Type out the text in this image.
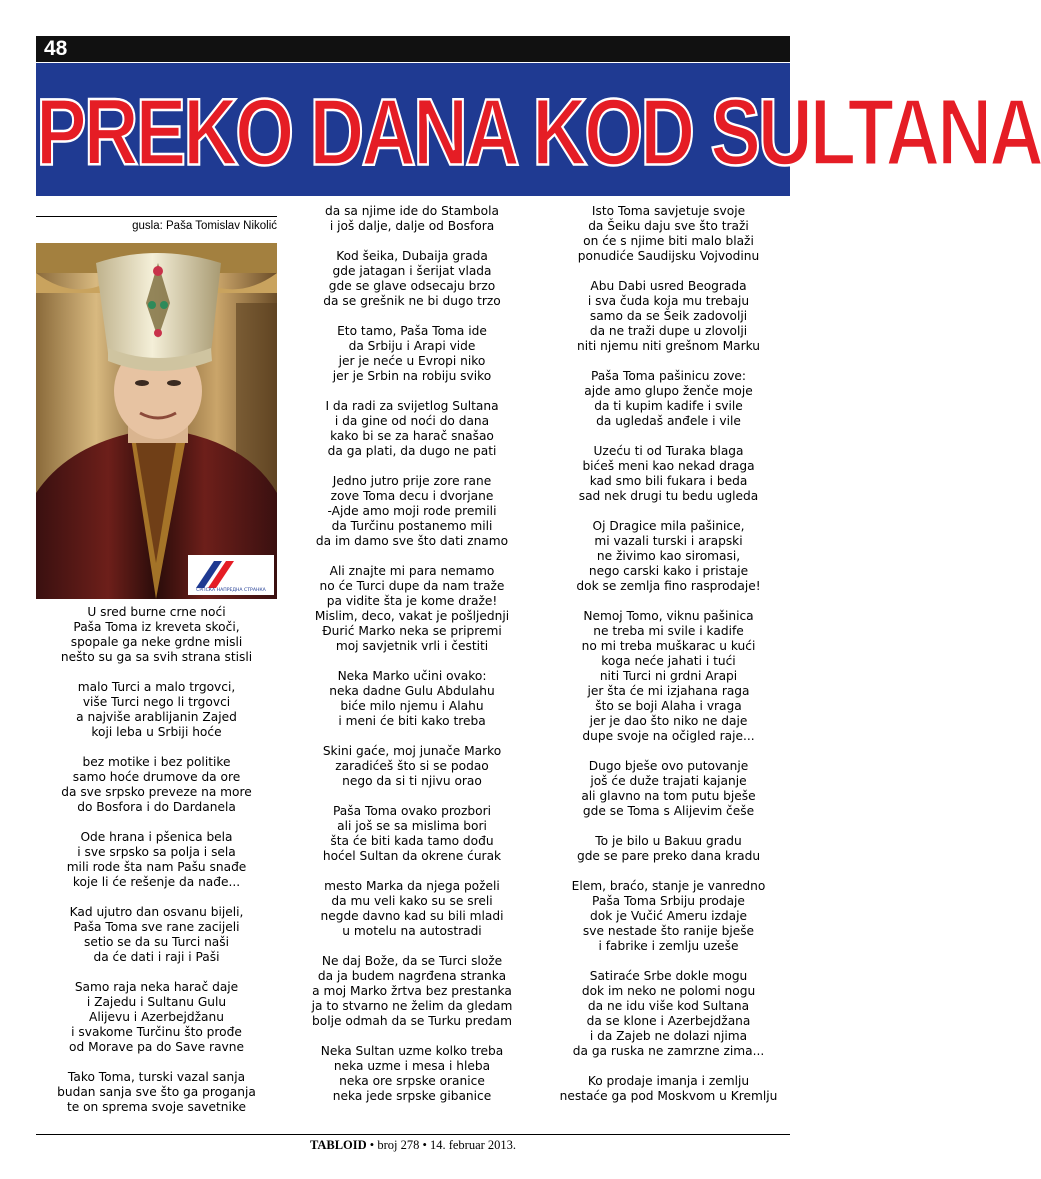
48
PREKO DANA KOD SULTANA
gusla: Paša Tomislav Nikolić
СРПСКА НАПРЕДНА СТРАНКА

U sred burne crne noći
Paša Toma iz kreveta skoči,
spopale ga neke grdne misli
nešto su ga sa svih strana stisli

malo Turci a malo trgovci,
više Turci nego li trgovci
a najviše arablijanin Zajed
koji leba u Srbiji hoće

bez motike i bez politike
samo hoće drumove da ore
da sve srpsko preveze na more
do Bosfora i do Dardanela

Ode hrana i pšenica bela
i sve srpsko sa polja i sela
mili rode šta nam Pašu snađe
koje li će rešenje da nađe...

Kad ujutro dan osvanu bijeli,
Paša Toma sve rane zacijeli
setio se da su Turci naši
da će dati i raji i Paši

Samo raja neka harač daje
i Zajedu i Sultanu Gulu
Alijevu i Azerbejdžanu
i svakome Turčinu što prođe
od Morave pa do Save ravne

Tako Toma, turski vazal sanja
budan sanja sve što ga proganja
te on sprema svoje savetnike

da sa njime ide do Stambola
i još dalje, dalje od Bosfora

Kod šeika, Dubaija grada
gde jatagan i šerijat vlada
gde se glave odsecaju brzo
da se grešnik ne bi dugo trzo

Eto tamo, Paša Toma ide
da Srbiju i Arapi vide
jer je neće u Evropi niko
jer je Srbin na robiju sviko

I da radi za svijetlog Sultana
i da gine od noći do dana
kako bi se za harač snašao
da ga plati, da dugo ne pati

Jedno jutro prije zore rane
zove Toma decu i dvorjane
-Ajde amo moji rode premili
da Turčinu postanemo mili
da im damo sve što dati znamo

Ali znajte mi para nemamo
no će Turci dupe da nam traže
pa vidite šta je kome draže!
Mislim, deco, vakat je pošljednji
Đurić Marko neka se pripremi
moj savjetnik vrli i čestiti

Neka Marko učini ovako:
neka dadne Gulu Abdulahu
biće milo njemu i Alahu
i meni će biti kako treba

Skini gaće, moj junače Marko
zaradićeš što si se podao
nego da si ti njivu orao

Paša Toma ovako prozbori
ali još se sa mislima bori
šta će biti kada tamo dođu
hoćel Sultan da okrene ćurak

mesto Marka da njega poželi
da mu veli kako su se sreli
negde davno kad su bili mladi
u motelu na autostradi

Ne daj Bože, da se Turci slože
da ja budem nagrđena stranka
a moj Marko žrtva bez prestanka
ja to stvarno ne želim da gledam
bolje odmah da se Turku predam

Neka Sultan uzme kolko treba
neka uzme i mesa i hleba
neka ore srpske oranice
neka jede srpske gibanice

Isto Toma savjetuje svoje
da Šeiku daju sve što traži
on će s njime biti malo blaži
ponudiće Saudijsku Vojvodinu

Abu Dabi usred Beograda
i sva čuda koja mu trebaju
samo da se Šeik zadovolji
da ne traži dupe u zlovolji
niti njemu niti grešnom Marku

Paša Toma pašinicu zove:
ajde amo glupo ženče moje
da ti kupim kadife i svile
da ugledaš anđele i vile

Uzeću ti od Turaka blaga
bićeš meni kao nekad draga
kad smo bili fukara i beda
sad nek drugi tu bedu ugleda

Oj Dragice mila pašinice,
mi vazali turski i arapski
ne živimo kao siromasi,
nego carski kako i pristaje
dok se zemlja fino rasprodaje!

Nemoj Tomo, viknu pašinica
ne treba mi svile i kadife
no mi treba muškarac u kući
koga neće jahati i tući
niti Turci ni grdni Arapi
jer šta će mi izjahana raga
što se boji Alaha i vraga
jer je dao što niko ne daje
dupe svoje na očigled raje...

Dugo bješe ovo putovanje
još će duže trajati kajanje
ali glavno na tom putu bješe
gde se Toma s Alijevim češe

To je bilo u Bakuu gradu
gde se pare preko dana kradu

Elem, braćo, stanje je vanredno
Paša Toma Srbiju prodaje
dok je Vučić Ameru izdaje
sve nestade što ranije bješe
i fabrike i zemlju uzeše

Satiraće Srbe dokle mogu
dok im neko ne polomi nogu
da ne idu više kod Sultana
da se klone i Azerbejdžana
i da Zajeb ne dolazi njima
da ga ruska ne zamrzne zima...

Ko prodaje imanja i zemlju
nestaće ga pod Moskvom u Kremlju

TABLOID • broj 278 • 14. februar 2013.
